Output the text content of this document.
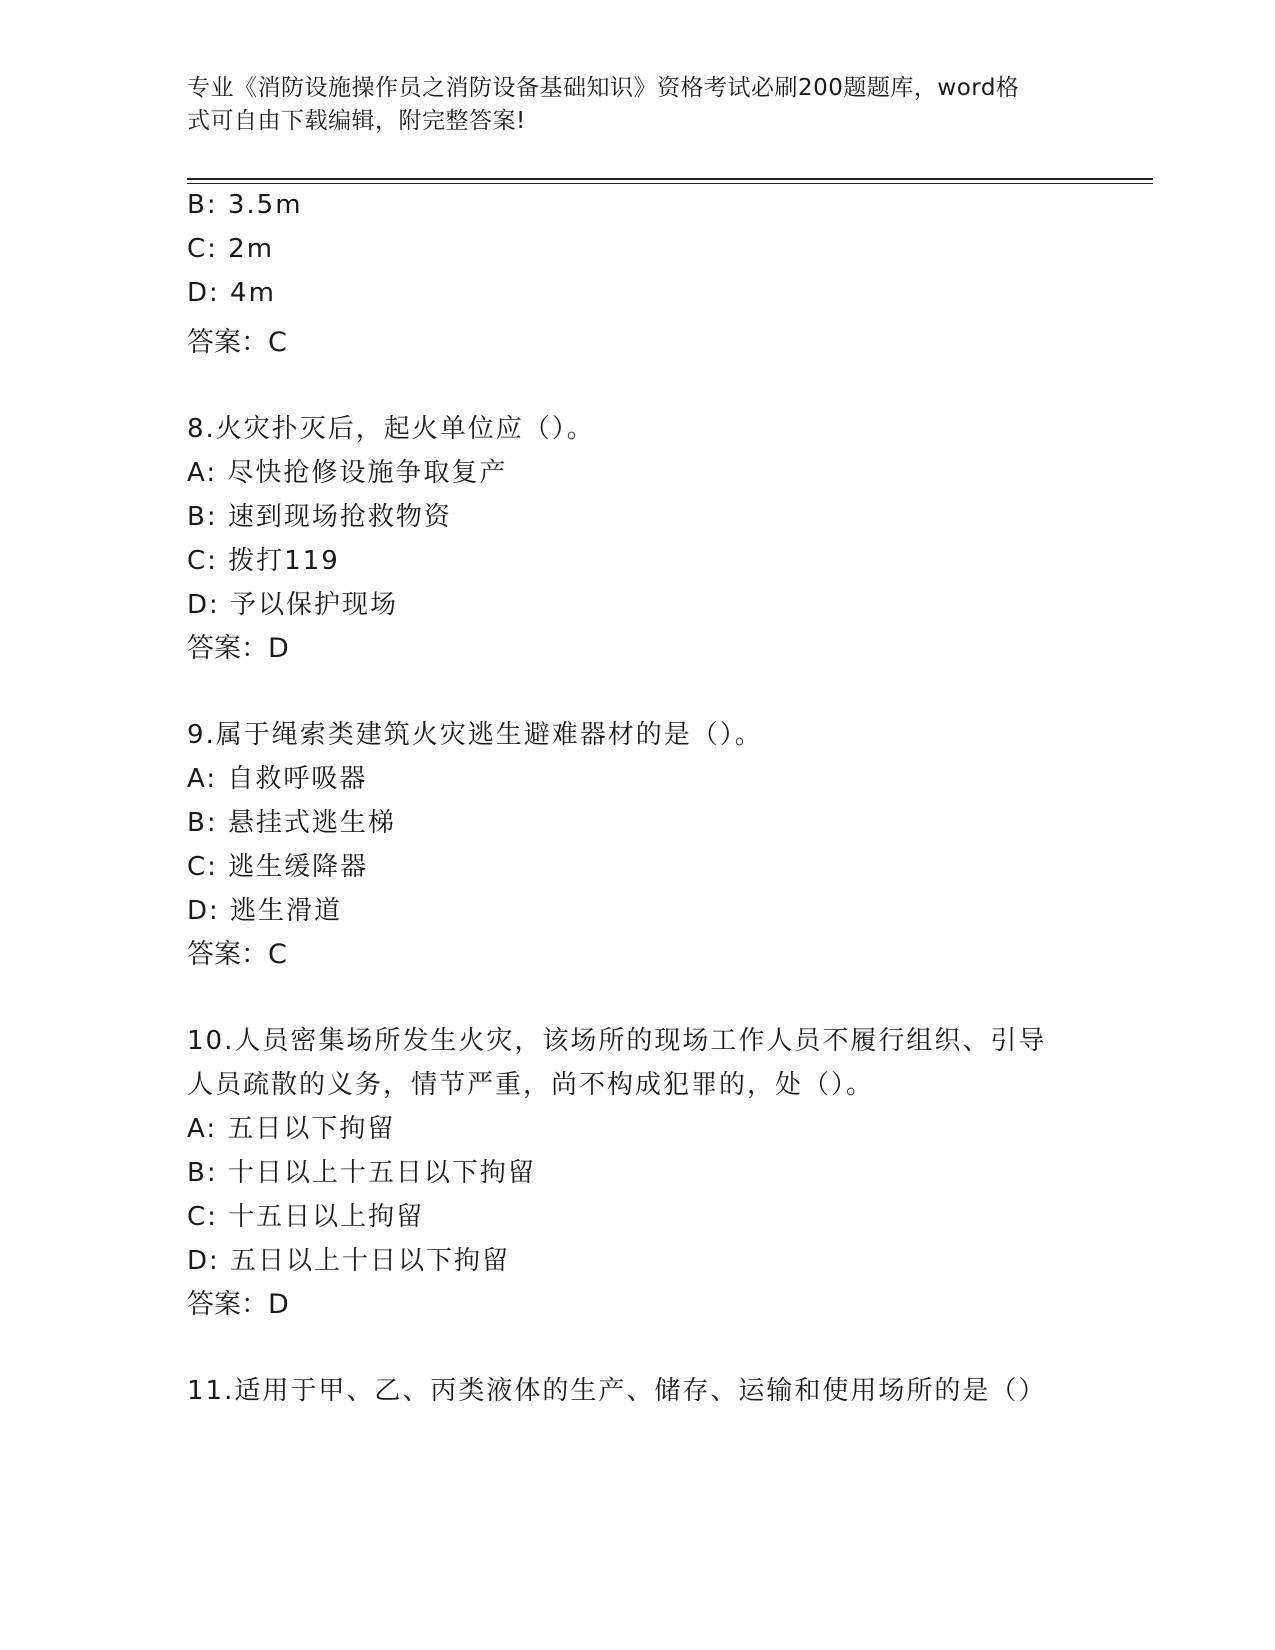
专业《消防设施操作员之消防设备基础知识》资格考试必刷200题题库，word格
式可自由下载编辑，附完整答案!
B: 3.5m
C: 2m
D: 4m
答案：C
8.火灾扑灭后，起火单位应（）。
A: 尽快抢修设施争取复产
B: 速到现场抢救物资
C: 拨打119
D: 予以保护现场
答案：D
9.属于绳索类建筑火灾逃生避难器材的是（）。
A: 自救呼吸器
B: 悬挂式逃生梯
C: 逃生缓降器
D: 逃生滑道
答案：C
10.人员密集场所发生火灾，该场所的现场工作人员不履行组织、引导
人员疏散的义务，情节严重，尚不构成犯罪的，处（）。
A: 五日以下拘留
B: 十日以上十五日以下拘留
C: 十五日以上拘留
D: 五日以上十日以下拘留
答案：D
11.适用于甲、乙、丙类液体的生产、储存、运输和使用场所的是（）
